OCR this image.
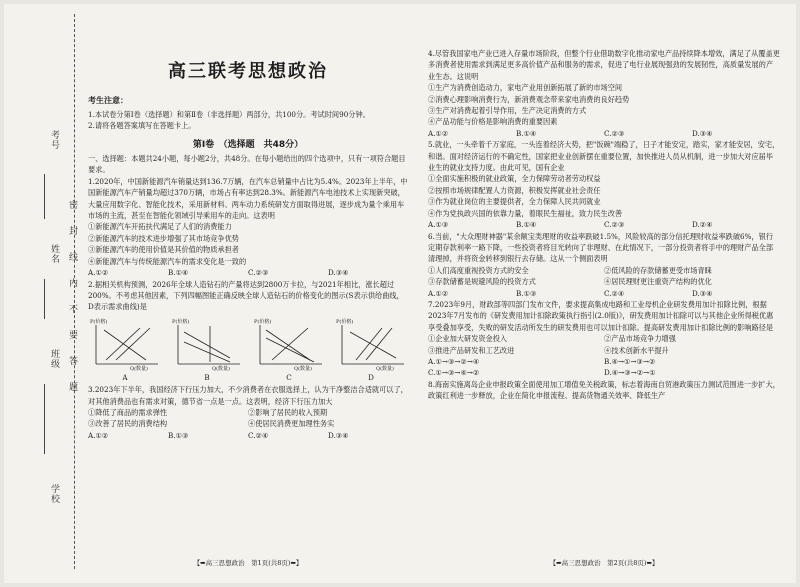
考号
姓名
班级
学校
密
封
线
内
不
要
答
题
高三联考思想政治
考生注意：

1.本试卷分第Ⅰ卷（选择题）和第Ⅱ卷（非选择题）两部分，共100分。考试时间90分钟。

2.请将各题答案填写在答题卡上。

第Ⅰ卷　（选择题　共48分）

一、选择题：本题共24小题，每小题2分，共48分。在每小题给出的四个选项中，只有一项符合题目要求。

1.2020年，中国新能源汽车销量达到136.7万辆，在汽车总销量中占比为5.4%。2023年上半年，中国新能源汽车产销量均超过370万辆，市场占有率达到28.3%。新能源汽车电池技术上实现新突破，大量应用数字化、智能化技术，采用新材料、两车动力系统研发方面取得进展，逐步成为量个乘用车市场的主流，甚至在智能化领域引导乘用车的走向。这表明

①新能源汽车开拓扶代满足了人们的消费能力

②新能源汽车的技术进步增强了其市场竞争优势

③新能源汽车的使用价值是其价值的物质承担者

④新能源汽车与传统能源汽车的需求变化是一致的

A.①②	B.①④	C.②③	D.③④

2.据相关机构预测，2026年全球人造钻石的产量将达到2800万卡拉，与2021年相比，涨长超过200%。不考虑其他因素，下列四幅图能正确反映全球人造钻石的价格变化的图示(S表示供给曲线，D表示需求曲线)是

P(价格)
Q(数量)
A
P(价格)
Q(数量)
B
P(价格)
Q(数量)
C
P(价格)
Q(数量)
D

3.2023年下半年，我国经济下行压力加大，不少消费者在衣服选择上，认为干净整洁合适就可以了，对其他消费品也有需求对策，德节省一点是一点。这表明，经济下行压力加大

①降低了商品的需求弹性	②影响了居民的收入预期
③改善了居民的消费结构	④使居民消费更加理性务实
A.①②	B.①③	C.②④	D.③④

4.尽管我国家电产业已进入存量市场阶段，但整个行业借助数字化推动家电产品持续降本增效，满足了从覆盖更多消费者使用需求到满足更多高价值产品和服务的需求，促进了电行业展现强劲的发展韧性，高质量发展的产业生态。这说明

①生产为消费创造动力，家电产业用创新拓展了新的市场空间

②消费心理影响消费行为，新消费观念带来家电消费的良好趋势

③生产对消费起着引导作用，生产决定消费的方式

④产品功能与价格是影响消费的重要因素

A.①②	B.①④	C.②③	D.③④

5.就业，一头牵着千万家庭，一头连着经济大势，把"饭碗"端稳了，日子才能安定，踏实，家才能安居，安宅，和谐。面对经济运行的不确定性，国家把业业创新摆在重要位置，加快推进人员从机制，进一步加大对应届毕业生的就业支持力度。由此可见，国有企业

①全面实施积极的就业政策，全力保障劳动者劳动权益

②按照市场规律配置人力资源，积极发挥就业社会责任

③作为就业岗位的主要提供者，全力保障人民共同就业

④作为党执政兴国的依靠力量，着眼民生福祉，致力民生改善

A.①③	B.①④	C.②③	D.②④

6.当前，"大众理财神器"某余额宝类理财的收益率跌破1.5%，风险较高的部分信托理财收益率跌破6%，银行定期存款利率一路下降，一些投资者将目光转向了非理财、在此情况下，一部分投资者将手中的理财产品全部清理掉，并将资金转移到银行去存储。这从一个侧面表明

①人们高度重视投资方式的安全	②低风险的存款储蓄更受市场青睐
③存款储蓄是规避风险的投资方式	④居民理财更注重资产结构的优化
A.①②	B.①③	C.②④	D.③④

7.2023年9月，财政部等四部门发布文件，要求提高集成电路和工业母机企业研发费用加计扣除比例，根据2023年7月发布的《研发费用加计扣除政策执行指引(2.0版)》，研发费用加计扣除可以与其他企业所得税优惠享受叠加享受，失败的研发活动所发生的研发费用也可以加计扣除。提高研发费用加计扣除比例的影响路径是

①企业加大研发资金投入	②产品市场竞争力增强
③推进产品研发和工艺改进	④技术创新水平提升
A.①→③→②→④	B.④→①→③→②
C.①→③→④→②	D.④→③→②→①

8.海南实施离岛企业申报政策全面使用加工增值免关税政策，标志着海南自贸港政策压力测试范围进一步扩大，政策红利进一步释放，企业在简化申报流程、提高货物通关效率、降低生产

【➡高三思想政治　第1页(共8页)⬅】	【➡高三思想政治　第2页(共8页)⬅】
